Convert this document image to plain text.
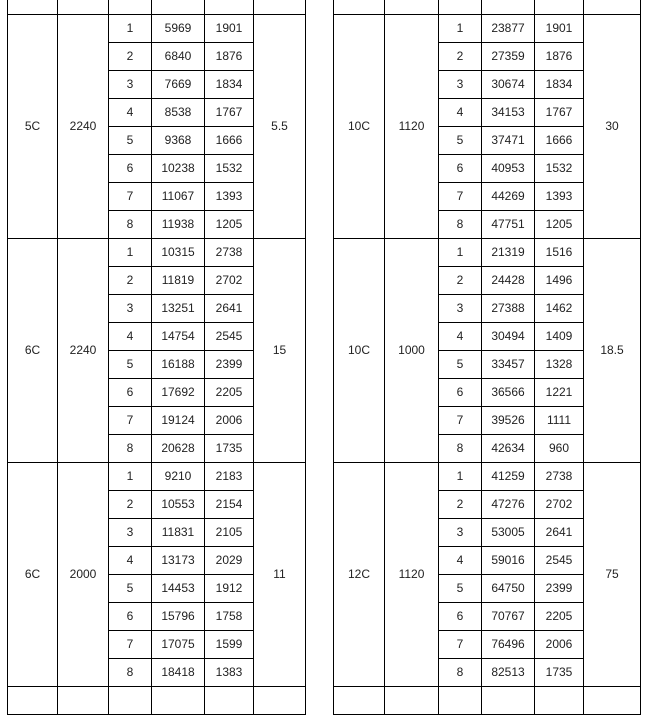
5C	2240	1	5969	1901	5.5
		2	6840	1876	
		3	7669	1834	
		4	8538	1767	
		5	9368	1666	
		6	10238	1532	
		7	11067	1393	
		8	11938	1205	
6C	2240	1	10315	2738	15
		2	11819	2702	
		3	13251	2641	
		4	14754	2545	
		5	16188	2399	
		6	17692	2205	
		7	19124	2006	
		8	20628	1735	
6C	2000	1	9210	2183	11
		2	10553	2154	
		3	11831	2105	
		4	13173	2029	
		5	14453	1912	
		6	15796	1758	
		7	17075	1599	
		8	18418	1383	

10C	1120	1	23877	1901	30
		2	27359	1876	
		3	30674	1834	
		4	34153	1767	
		5	37471	1666	
		6	40953	1532	
		7	44269	1393	
		8	47751	1205	
10C	1000	1	21319	1516	18.5
		2	24428	1496	
		3	27388	1462	
		4	30494	1409	
		5	33457	1328	
		6	36566	1221	
		7	39526	1111	
		8	42634	960	
12C	1120	1	41259	2738	75
		2	47276	2702	
		3	53005	2641	
		4	59016	2545	
		5	64750	2399	
		6	70767	2205	
		7	76496	2006	
		8	82513	1735	
